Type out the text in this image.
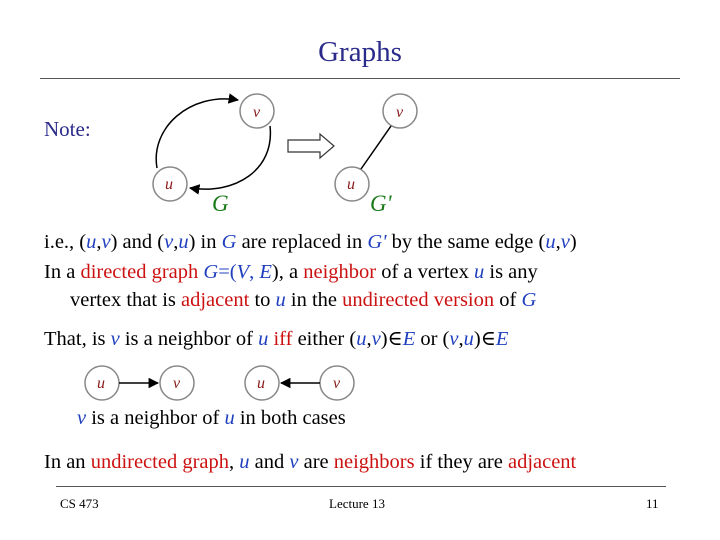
Graphs
Note:
v
u
v
u
u	v	u	v
G	G'
i.e., (u,v) and (v,u) in G are replaced in G' by the same edge (u,v)
In a directed graph G=(V, E), a neighbor of a vertex u is any
vertex that is adjacent to u in the undirected version of G
That, is v is a neighbor of u iff either (u,v)∈E or (v,u)∈E
v is a neighbor of u in both cases
In an undirected graph, u and v are neighbors if they are adjacent
CS 473	Lecture 13	11
